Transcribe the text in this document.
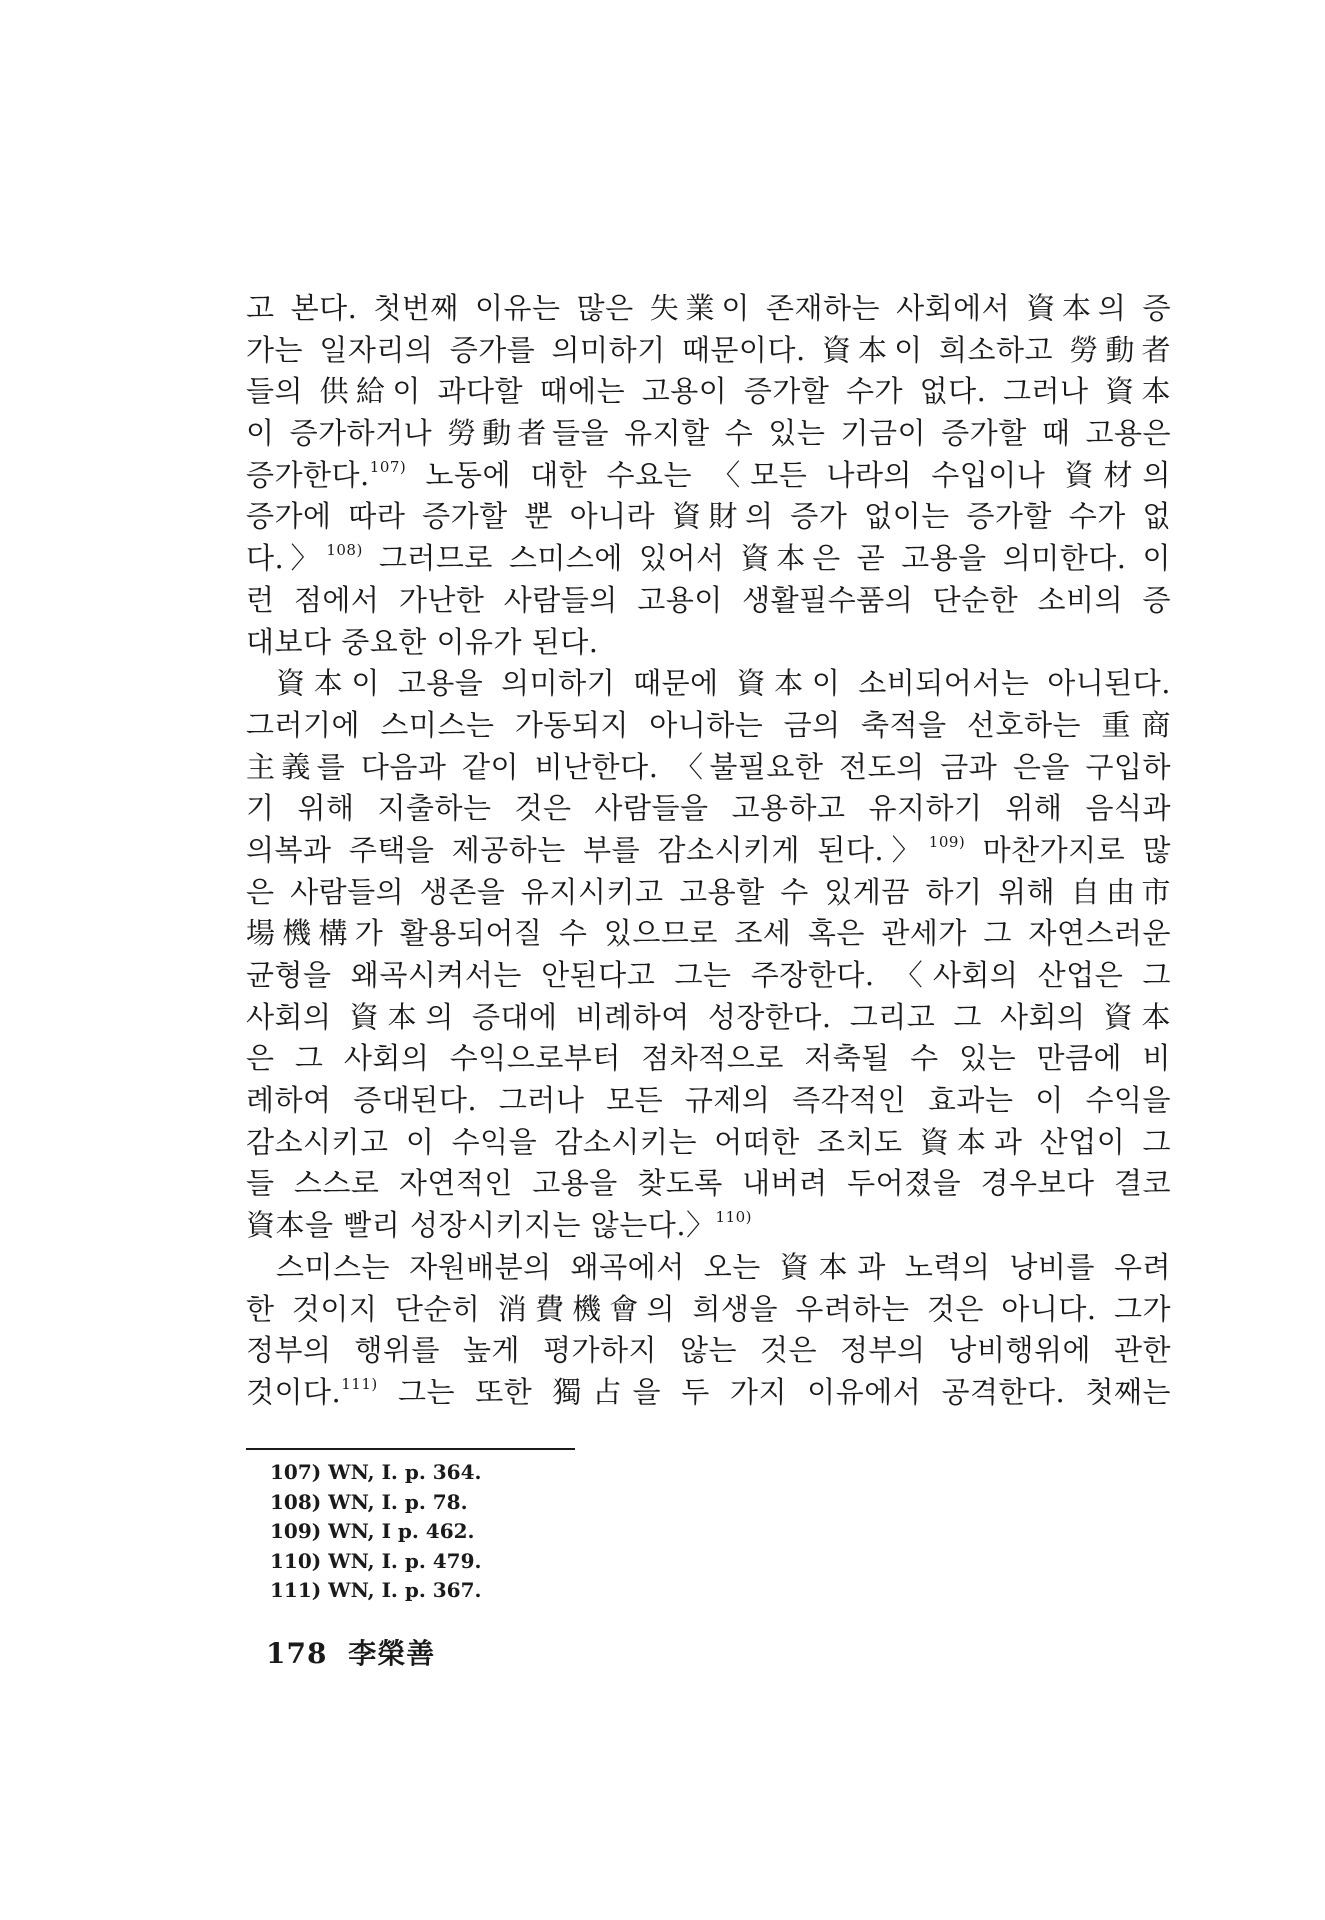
고 본다. 첫번째 이유는 많은 失業이 존재하는 사회에서 資本의 증
가는 일자리의 증가를 의미하기 때문이다. 資本이 희소하고 勞動者
들의 供給이 과다할 때에는 고용이 증가할 수가 없다. 그러나 資本
이 증가하거나 勞動者들을 유지할 수 있는 기금이 증가할 때 고용은
증가한다.$^{107)}$ 노동에 대한 수요는 〈모든 나라의 수입이나 資材의
증가에 따라 증가할 뿐 아니라 資財의 증가 없이는 증가할 수가 없
다.〉$^{108)}$ 그러므로 스미스에 있어서 資本은 곧 고용을 의미한다. 이
런 점에서 가난한 사람들의 고용이 생활필수품의 단순한 소비의 증
대보다 중요한 이유가 된다.
資本이 고용을 의미하기 때문에 資本이 소비되어서는 아니된다.
그러기에 스미스는 가동되지 아니하는 금의 축적을 선호하는 重商
主義를 다음과 같이 비난한다. 〈불필요한 전도의 금과 은을 구입하
기 위해 지출하는 것은 사람들을 고용하고 유지하기 위해 음식과
의복과 주택을 제공하는 부를 감소시키게 된다.〉$^{109)}$ 마찬가지로 많
은 사람들의 생존을 유지시키고 고용할 수 있게끔 하기 위해 自由市
場機構가 활용되어질 수 있으므로 조세 혹은 관세가 그 자연스러운
균형을 왜곡시켜서는 안된다고 그는 주장한다. 〈사회의 산업은 그
사회의 資本의 증대에 비례하여 성장한다. 그리고 그 사회의 資本
은 그 사회의 수익으로부터 점차적으로 저축될 수 있는 만큼에 비
례하여 증대된다. 그러나 모든 규제의 즉각적인 효과는 이 수익을
감소시키고 이 수익을 감소시키는 어떠한 조치도 資本과 산업이 그
들 스스로 자연적인 고용을 찾도록 내버려 두어졌을 경우보다 결코
資本을 빨리 성장시키지는 않는다.〉$^{110)}$
스미스는 자원배분의 왜곡에서 오는 資本과 노력의 낭비를 우려
한 것이지 단순히 消費機會의 희생을 우려하는 것은 아니다. 그가
정부의 행위를 높게 평가하지 않는 것은 정부의 낭비행위에 관한
것이다.$^{111)}$ 그는 또한 獨占을 두 가지 이유에서 공격한다. 첫째는
107) WN, I. p. 364.
108) WN, I. p. 78.
109) WN, I p. 462.
110) WN, I. p. 479.
111) WN, I. p. 367.
178 李榮善
